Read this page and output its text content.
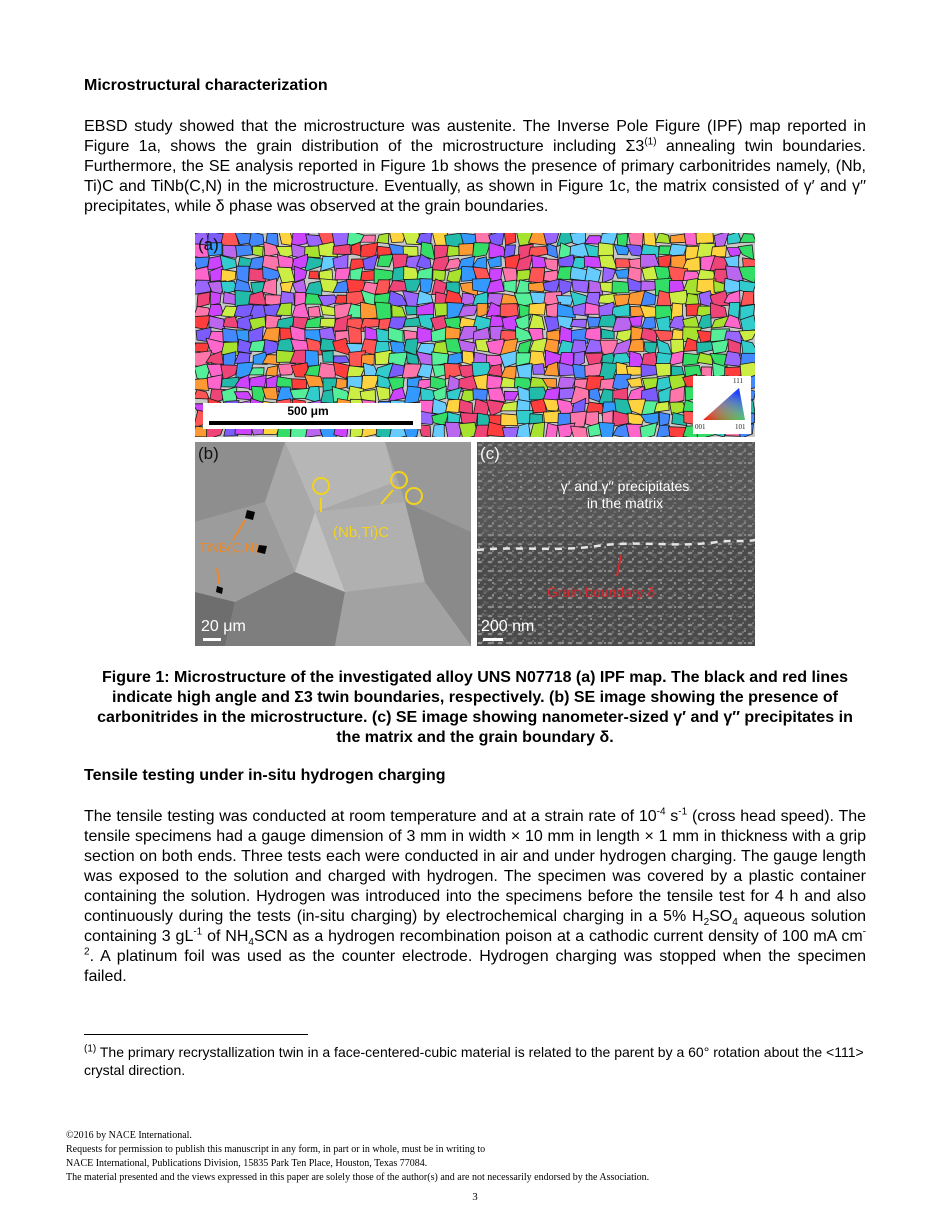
Microstructural characterization
EBSD study showed that the microstructure was austenite. The Inverse Pole Figure (IPF) map reported in Figure 1a, shows the grain distribution of the microstructure including Σ3$^{(1)}$ annealing twin boundaries. Furthermore, the SE analysis reported in Figure 1b shows the presence of primary carbonitrides namely, (Nb, Ti)C and TiNb(C,N) in the microstructure. Eventually, as shown in Figure 1c, the matrix consisted of γ′ and γ′′ precipitates, while δ phase was observed at the grain boundaries.
(a)
500 μm
111
001	101
(b)
(Nb,Ti)C
TiNB(C,N)
20 μm
(c)
γ′ and γ′′ precipitates
in the matrix
Grain boundary δ
200 nm
Figure 1: Microstructure of the investigated alloy UNS N07718 (a) IPF map. The black and red lines indicate high angle and Σ3 twin boundaries, respectively. (b) SE image showing the presence of carbonitrides in the microstructure. (c) SE image showing nanometer-sized γ′ and γ′′ precipitates in the matrix and the grain boundary δ.
Tensile testing under in-situ hydrogen charging
The tensile testing was conducted at room temperature and at a strain rate of $10^{-4}$ $s^{-1}$ (cross head speed). The tensile specimens had a gauge dimension of 3 mm in width × 10 mm in length × 1 mm in thickness with a grip section on both ends. Three tests each were conducted in air and under hydrogen charging. The gauge length was exposed to the solution and charged with hydrogen. The specimen was covered by a plastic container containing the solution. Hydrogen was introduced into the specimens before the tensile test for 4 h and also continuously during the tests (in-situ charging) by electrochemical charging in a 5% $H_2SO_4$ aqueous solution containing 3 $gL^{-1}$ of $NH_4SCN$ as a hydrogen recombination poison at a cathodic current density of 100 mA $cm^{-2}$. A platinum foil was used as the counter electrode. Hydrogen charging was stopped when the specimen failed.
$^{(1)}$ The primary recrystallization twin in a face-centered-cubic material is related to the parent by a 60° rotation about the <111> crystal direction.
©2016 by NACE International.
Requests for permission to publish this manuscript in any form, in part or in whole, must be in writing to
NACE International, Publications Division, 15835 Park Ten Place, Houston, Texas 77084.
The material presented and the views expressed in this paper are solely those of the author(s) and are not necessarily endorsed by the Association.
3
